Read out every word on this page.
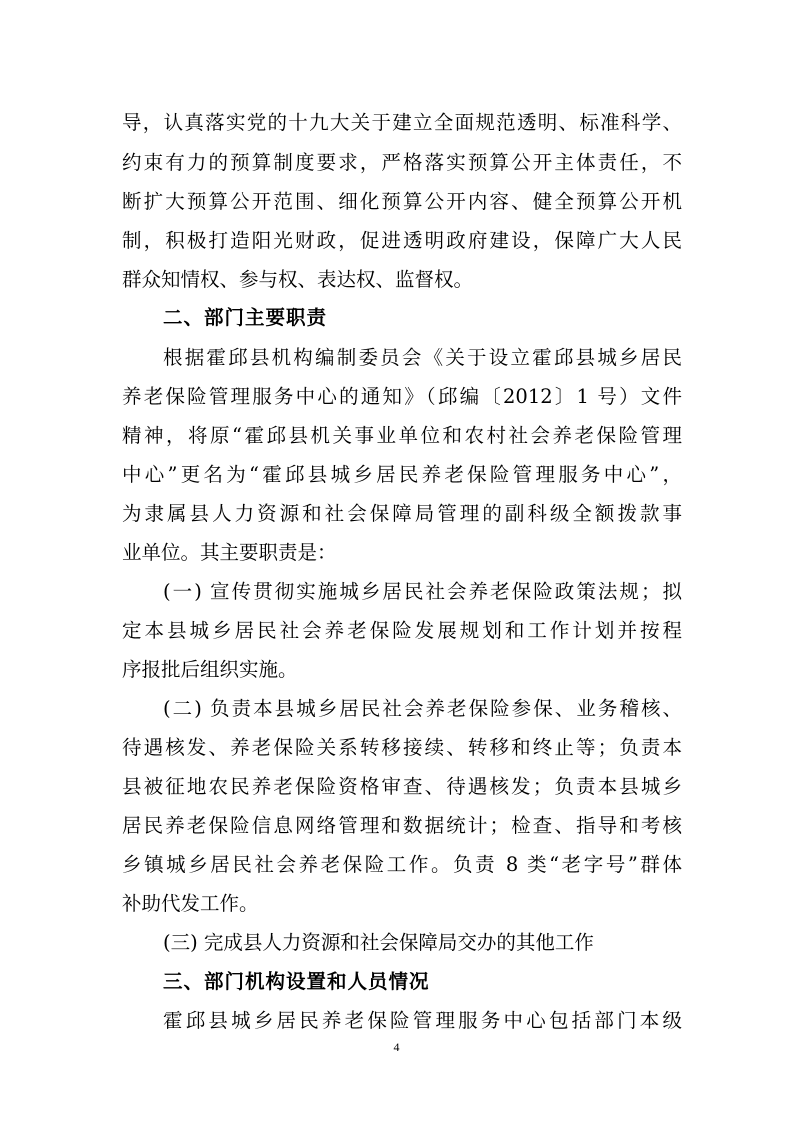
导，认真落实党的十九大关于建立全面规范透明、标准科学、
约束有力的预算制度要求，严格落实预算公开主体责任，不
断扩大预算公开范围、细化预算公开内容、健全预算公开机
制，积极打造阳光财政，促进透明政府建设，保障广大人民
群众知情权、参与权、表达权、监督权。
二、部门主要职责
根据霍邱县机构编制委员会《关于设立霍邱县城乡居民
养老保险管理服务中心的通知》（邱编〔2012〕1 号）文件
精神，将原“霍邱县机关事业单位和农村社会养老保险管理
中心”更名为“霍邱县城乡居民养老保险管理服务中心”，
为隶属县人力资源和社会保障局管理的副科级全额拨款事
业单位。其主要职责是：
(一) 宣传贯彻实施城乡居民社会养老保险政策法规；拟
定本县城乡居民社会养老保险发展规划和工作计划并按程
序报批后组织实施。
(二) 负责本县城乡居民社会养老保险参保、业务稽核、
待遇核发、养老保险关系转移接续、转移和终止等；负责本
县被征地农民养老保险资格审查、待遇核发；负责本县城乡
居民养老保险信息网络管理和数据统计；检查、指导和考核
乡镇城乡居民社会养老保险工作。负责 8 类“老字号”群体
补助代发工作。
(三) 完成县人力资源和社会保障局交办的其他工作
三、部门机构设置和人员情况
霍邱县城乡居民养老保险管理服务中心包括部门本级
4
